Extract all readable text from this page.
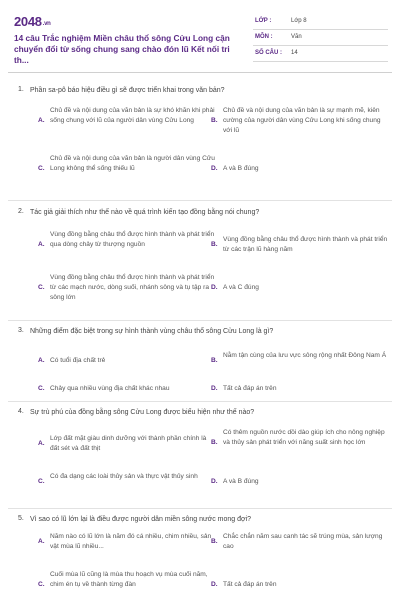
2048.vn
14 câu Trắc nghiệm Miền châu thổ sông Cửu Long cận chuyển đổi từ sống chung sang chào đón lũ Kết nối tri th...
LỚP :	Lớp 8
MÔN :	Văn
SỐ CÂU : 14
1. Phần sa-pô báo hiệu điều gì sẽ được triển khai trong văn bản?
A.
Chủ đề và nội dung của văn bản là sự khó khăn khi phải sống chung với lũ của người dân vùng Cửu Long	B.
Chủ đề và nội dung của văn bản là sự mạnh mẽ, kiên cường của người dân vùng Cửu Long khi sống chung với lũ
C.
Chủ đề và nội dung của văn bản là người dân vùng Cửu Long không thể sống thiếu lũ	D. A và B đúng
2. Tác giả giải thích như thế nào về quá trình kiến tạo đồng bằng nói chung?
A.
Vùng đồng bằng châu thổ được hình thành và phát triển qua dòng chảy từ thượng nguồn	B.
Vùng đồng bằng châu thổ được hình thành và phát triển từ các trận lũ hàng năm
C.
Vùng đồng bằng châu thổ được hình thành và phát triển từ các mạch nước, dòng suối, nhánh sông và tụ tập ra sông lớn
D. A và C đúng
3. Những điểm đặc biệt trong sự hình thành vùng châu thổ sông Cửu Long là gì?
A. Có tuổi địa chất trẻ	B.
Nằm tận cùng của lưu vực sông rộng nhất Đông Nam Á
C. Chảy qua nhiều vùng địa chất khác nhau	D. Tất cả đáp án trên
4. Sự trù phú của đồng bằng sông Cửu Long được biểu hiện như thế nào?
A.
Lớp đất mặt giàu dinh dưỡng với thành phần chính là đất sét và đất thịt
B.
Có thêm nguồn nước dồi dào giúp ích cho nông nghiệp và thủy sản phát triển với năng suất sinh học lớn
C.
Có đa dạng các loài thủy sản và thực vật thủy sinh
D. A và B đúng
5. Vì sao có lũ lớn lại là điều được người dân miền sông nước mong đợi?
A.
Năm nào có lũ lớn là năm đó cá nhiều, chim nhiều, sản vật mùa lũ nhiều...
B.
Chắc chắn năm sau canh tác sẽ trúng mùa, sản lượng cao
C.
Cuối mùa lũ cũng là mùa thu hoạch vụ mùa cuối năm, chim én tụ về thành từng đàn	D. Tất cả đáp án trên
